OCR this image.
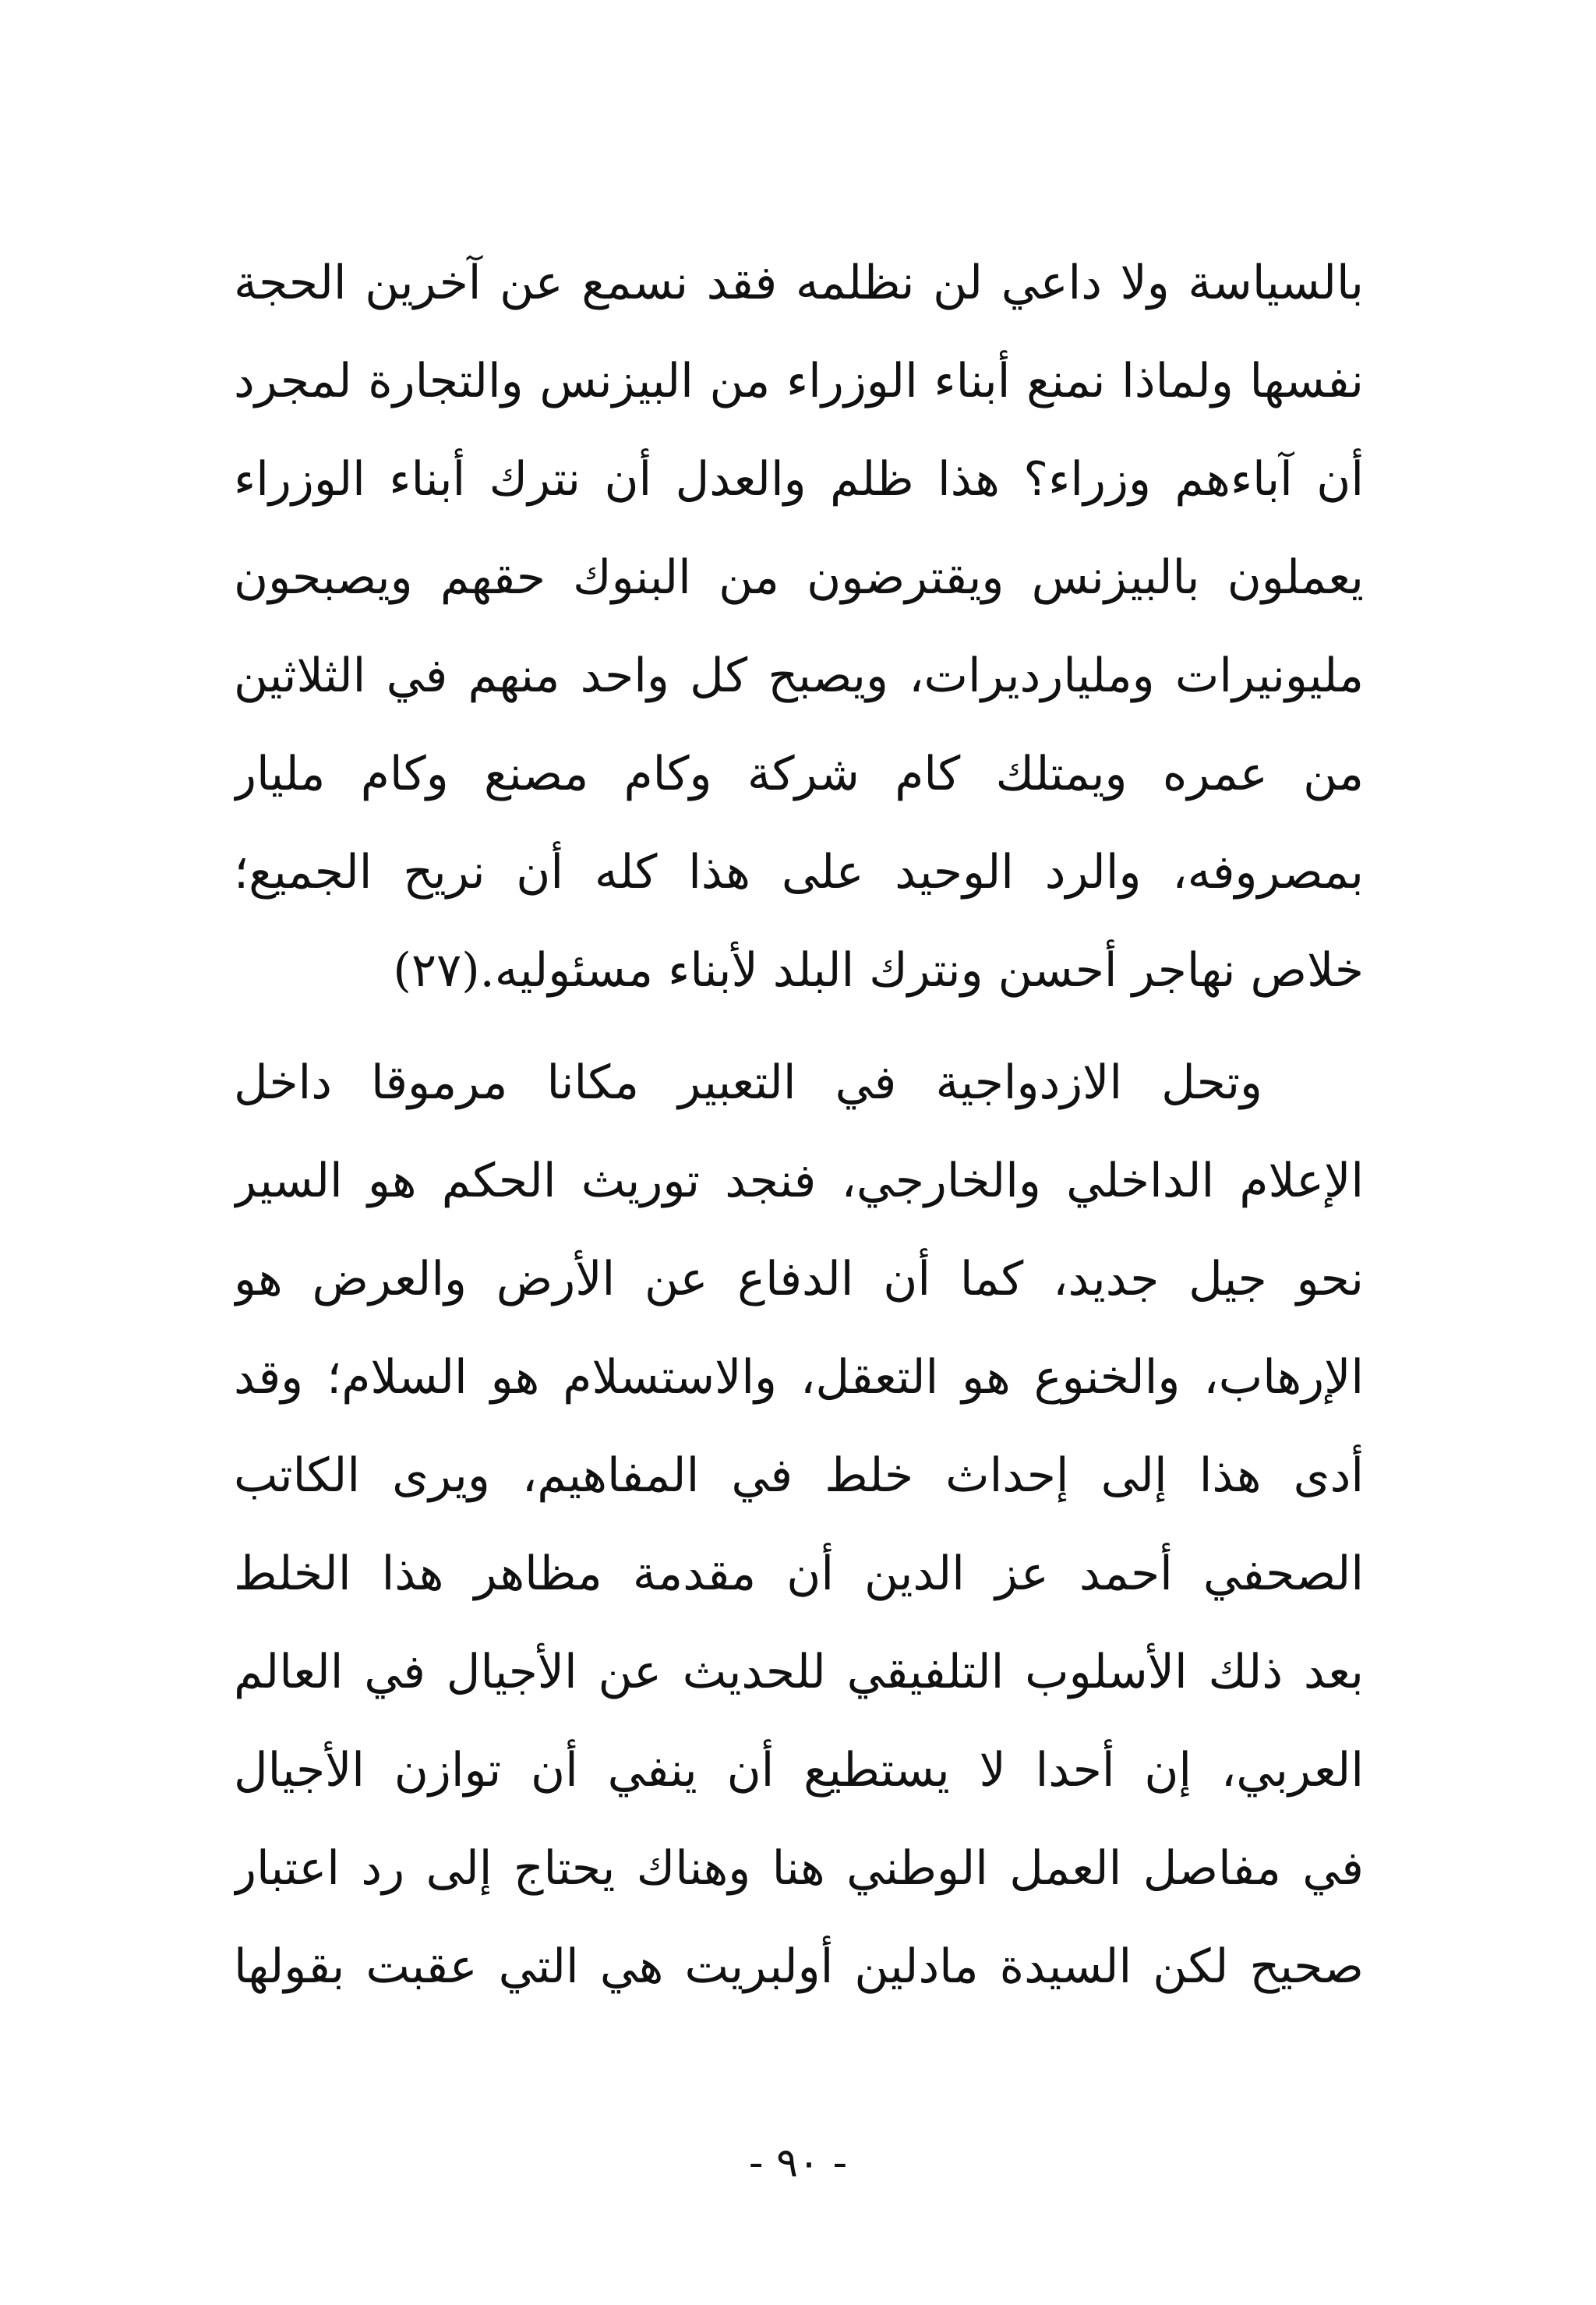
بالسياسة ولا داعي لن نظلمه فقد نسمع عن آخرين الحجة
نفسها ولماذا نمنع أبناء الوزراء من البيزنس والتجارة لمجرد
أن آباءهم وزراء؟ هذا ظلم والعدل أن نترك أبناء الوزراء
يعملون بالبيزنس ويقترضون من البنوك حقهم ويصبحون
مليونيرات ومليارديرات، ويصبح كل واحد منهم في الثلاثين
من عمره ويمتلك كام شركة وكام مصنع وكام مليار
بمصروفه، والرد الوحيد على هذا كله أن نريح الجميع؛
خلاص نهاجر أحسن ونترك البلد لأبناء مسئوليه.(٢٧)
وتحل الازدواجية في التعبير مكانا مرموقا داخل
الإعلام الداخلي والخارجي، فنجد توريث الحكم هو السير
نحو جيل جديد، كما أن الدفاع عن الأرض والعرض هو
الإرهاب، والخنوع هو التعقل، والاستسلام هو السلام؛ وقد
أدى هذا إلى إحداث خلط في المفاهيم، ويرى الكاتب
الصحفي أحمد عز الدين أن مقدمة مظاهر هذا الخلط
بعد ذلك الأسلوب التلفيقي للحديث عن الأجيال في العالم
العربي، إن أحدا لا يستطيع أن ينفي أن توازن الأجيال
في مفاصل العمل الوطني هنا وهناك يحتاج إلى رد اعتبار
صحيح لكن السيدة مادلين أولبريت هي التي عقبت بقولها
- ٩٠ -
